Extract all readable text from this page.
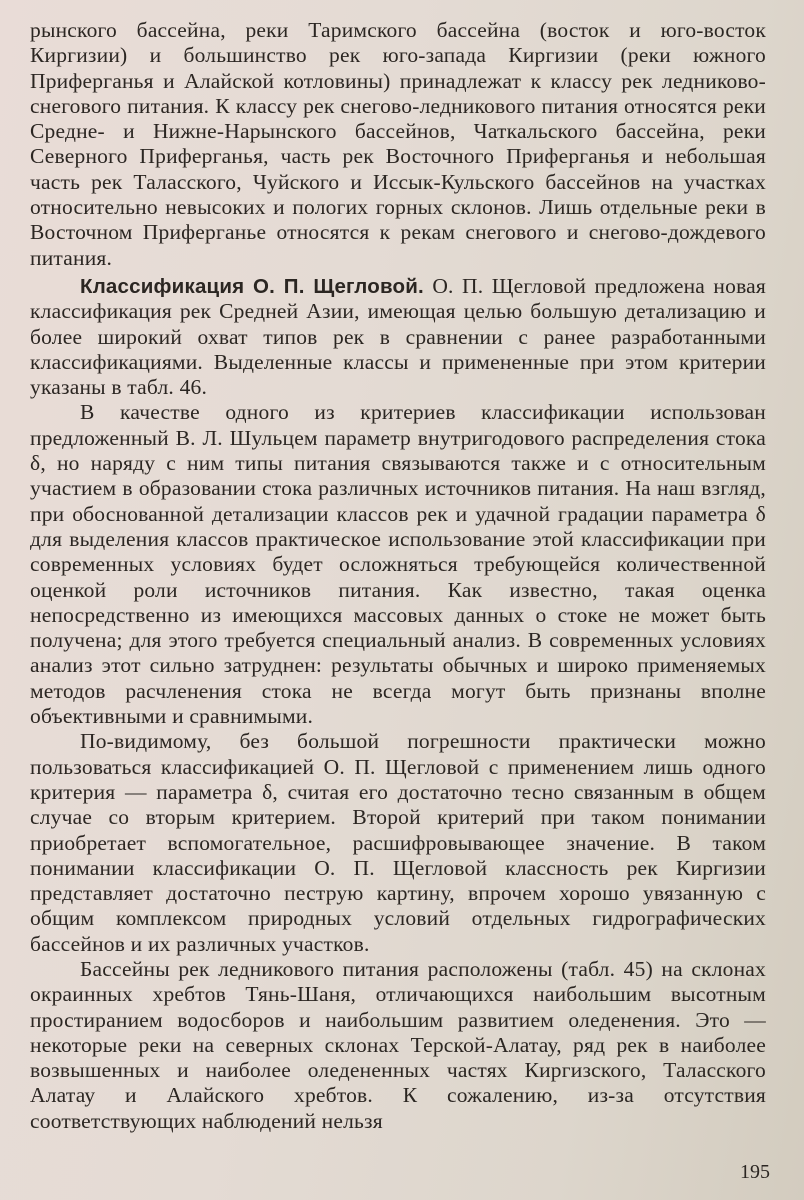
рынского бассейна, реки Таримского бассейна (восток и юго-восток Киргизии) и большинство рек юго-запада Киргизии (реки южного Приферганья и Алайской котловины) принадлежат к классу рек ледниково-снегового питания. К классу рек снегово-ледникового питания относятся реки Средне- и Нижне-Нарынского бассейнов, Чаткальского бассейна, реки Северного Приферганья, часть рек Восточного Приферганья и небольшая часть рек Таласского, Чуйского и Иссык-Кульского бассейнов на участках относительно невысоких и пологих горных склонов. Лишь отдельные реки в Восточном Приферганье относятся к рекам снегового и снегово-дождевого питания.

Классификация О. П. Щегловой. О. П. Щегловой предложена новая классификация рек Средней Азии, имеющая целью большую детализацию и более широкий охват типов рек в сравнении с ранее разработанными классификациями. Выделенные классы и примененные при этом критерии указаны в табл. 46.

В качестве одного из критериев классификации использован предложенный В. Л. Шульцем параметр внутригодового распределения стока δ, но наряду с ним типы питания связываются также и с относительным участием в образовании стока различных источников питания. На наш взгляд, при обоснованной детализации классов рек и удачной градации параметра δ для выделения классов практическое использование этой классификации при современных условиях будет осложняться требующейся количественной оценкой роли источников питания. Как известно, такая оценка непосредственно из имеющихся массовых данных о стоке не может быть получена; для этого требуется специальный анализ. В современных условиях анализ этот сильно затруднен: результаты обычных и широко применяемых методов расчленения стока не всегда могут быть признаны вполне объективными и сравнимыми.

По-видимому, без большой погрешности практически можно пользоваться классификацией О. П. Щегловой с применением лишь одного критерия — параметра δ, считая его достаточно тесно связанным в общем случае со вторым критерием. Второй критерий при таком понимании приобретает вспомогательное, расшифровывающее значение. В таком понимании классификации О. П. Щегловой классность рек Киргизии представляет достаточно пеструю картину, впрочем хорошо увязанную с общим комплексом природных условий отдельных гидрографических бассейнов и их различных участков.

Бассейны рек ледникового питания расположены (табл. 45) на склонах окраинных хребтов Тянь-Шаня, отличающихся наибольшим высотным простиранием водосборов и наибольшим развитием оледенения. Это — некоторые реки на северных склонах Терской-Алатау, ряд рек в наиболее возвышенных и наиболее оледененных частях Киргизского, Таласского Алатау и Алайского хребтов. К сожалению, из-за отсутствия соответствующих наблюдений нельзя

195
